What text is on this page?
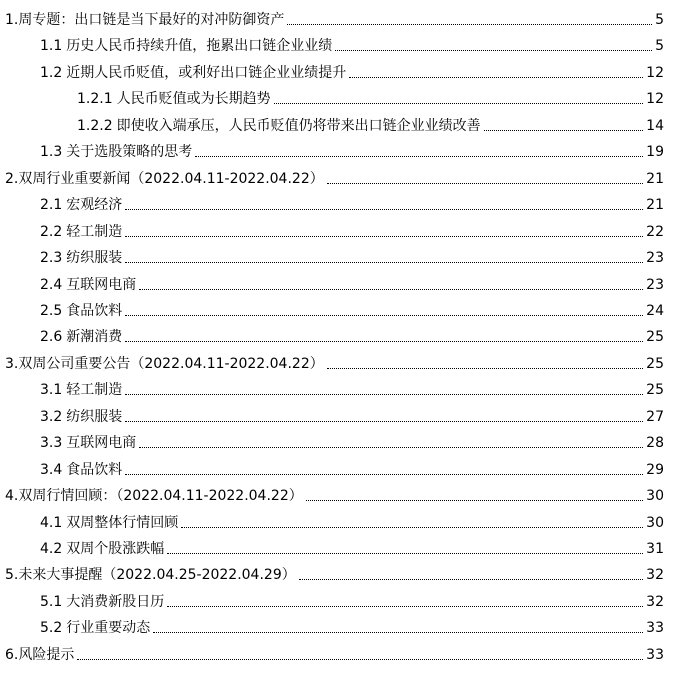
1. 周专题：出口链是当下最好的对冲防御资产	5
1.1 历史人民币持续升值，拖累出口链企业业绩	5
1.2 近期人民币贬值，或利好出口链企业业绩提升	12
1.2.1 人民币贬值或为长期趋势	12
1.2.2 即使收入端承压，人民币贬值仍将带来出口链企业业绩改善	14
1.3 关于选股策略的思考	19
2. 双周行业重要新闻（2022.04.11-2022.04.22）	21
2.1 宏观经济	21
2.2 轻工制造	22
2.3 纺织服装	23
2.4 互联网电商	23
2.5 食品饮料	24
2.6 新潮消费	25
3. 双周公司重要公告（2022.04.11-2022.04.22）	25
3.1 轻工制造	25
3.2 纺织服装	27
3.3 互联网电商	28
3.4 食品饮料	29
4. 双周行情回顾：（2022.04.11-2022.04.22）	30
4.1 双周整体行情回顾	30
4.2 双周个股涨跌幅	31
5. 未来大事提醒（2022.04.25-2022.04.29）	32
5.1 大消费新股日历	32
5.2 行业重要动态	33
6. 风险提示	33
